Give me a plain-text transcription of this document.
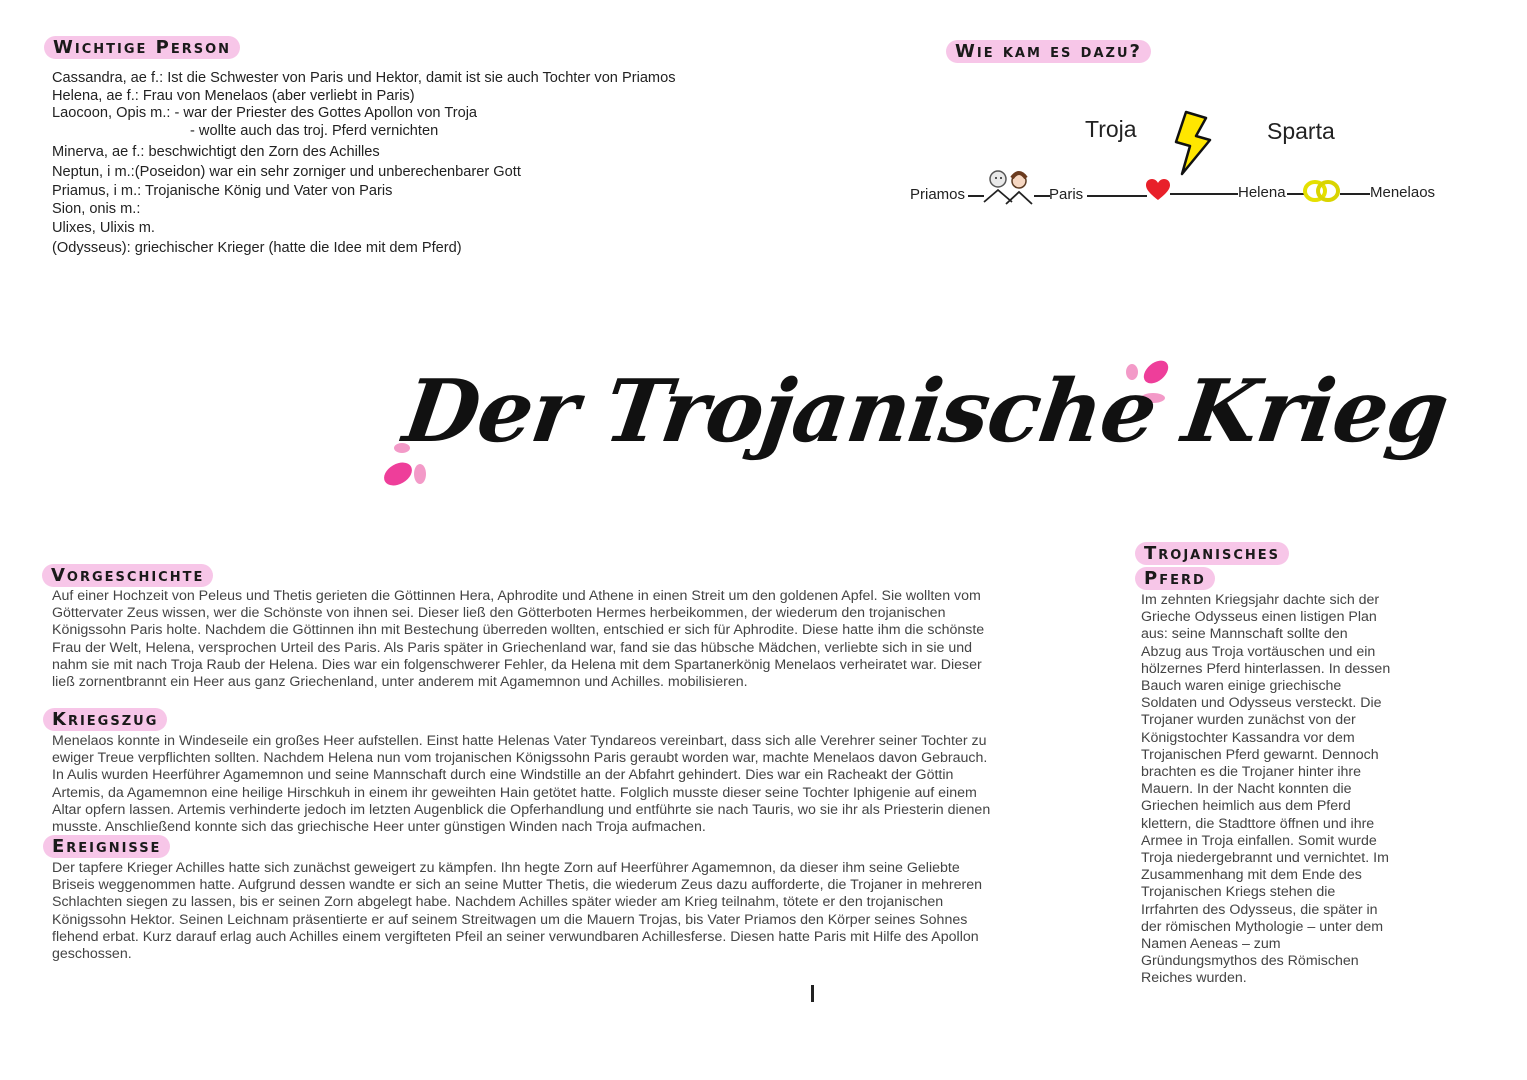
Wichtige Person
Cassandra, ae f.: Ist die Schwester von Paris und Hektor, damit ist sie auch Tochter von Priamos
Helena, ae f.: Frau von Menelaos (aber verliebt in Paris)
Laocoon, Opis m.: - war der Priester des Gottes Apollon von Troja
- wollte auch das troj. Pferd vernichten
Minerva, ae f.: beschwichtigt den Zorn des Achilles
Neptun, i m.:(Poseidon) war ein sehr zorniger und unberechenbarer Gott
Priamus, i m.: Trojanische König und Vater von Paris
Sion, onis m.:
Ulixes, Ulixis m.
(Odysseus): griechischer Krieger (hatte die Idee mit dem Pferd)
Wie kam es dazu?
Troja	Sparta
Priamos	Paris	Helena	Menelaos
Der Trojanische Krieg
Vorgeschichte

Auf einer Hochzeit von Peleus und Thetis gerieten die Göttinnen Hera, Aphrodite und Athene in einen Streit um den goldenen Apfel. Sie wollten vom Göttervater Zeus wissen, wer die Schönste von ihnen sei. Dieser ließ den Götterboten Hermes herbeikommen, der wiederum den trojanischen Königssohn Paris holte. Nachdem die Göttinnen ihn mit Bestechung überreden wollten, entschied er sich für Aphrodite. Diese hatte ihm die schönste Frau der Welt, Helena, versprochen Urteil des Paris. Als Paris später in Griechenland war, fand sie das hübsche Mädchen, verliebte sich in sie und nahm sie mit nach Troja Raub der Helena. Dies war ein folgenschwerer Fehler, da Helena mit dem Spartanerkönig Menelaos verheiratet war. Dieser ließ zornentbrannt ein Heer aus ganz Griechenland, unter anderem mit Agamemnon und Achilles. mobilisieren.

Kriegszug

Menelaos konnte in Windeseile ein großes Heer aufstellen. Einst hatte Helenas Vater Tyndareos vereinbart, dass sich alle Verehrer seiner Tochter zu ewiger Treue verpflichten sollten. Nachdem Helena nun vom trojanischen Königssohn Paris geraubt worden war, machte Menelaos davon Gebrauch. In Aulis wurden Heerführer Agamemnon und seine Mannschaft durch eine Windstille an der Abfahrt gehindert. Dies war ein Racheakt der Göttin Artemis, da Agamemnon eine heilige Hirschkuh in einem ihr geweihten Hain getötet hatte. Folglich musste dieser seine Tochter Iphigenie auf einem Altar opfern lassen. Artemis verhinderte jedoch im letzten Augenblick die Opferhandlung und entführte sie nach Tauris, wo sie ihr als Priesterin dienen musste. Anschließend konnte sich das griechische Heer unter günstigen Winden nach Troja aufmachen.

Ereignisse

Der tapfere Krieger Achilles hatte sich zunächst geweigert zu kämpfen. Ihn hegte Zorn auf Heerführer Agamemnon, da dieser ihm seine Geliebte Briseis weggenommen hatte. Aufgrund dessen wandte er sich an seine Mutter Thetis, die wiederum Zeus dazu aufforderte, die Trojaner in mehreren Schlachten siegen zu lassen, bis er seinen Zorn abgelegt habe. Nachdem Achilles später wieder am Krieg teilnahm, tötete er den trojanischen Königssohn Hektor. Seinen Leichnam präsentierte er auf seinem Streitwagen um die Mauern Trojas, bis Vater Priamos den Körper seines Sohnes flehend erbat. Kurz darauf erlag auch Achilles einem vergifteten Pfeil an seiner verwundbaren Achillesferse. Diesen hatte Paris mit Hilfe des Apollon geschossen.

Trojanisches
Pferd

Im zehnten Kriegsjahr dachte sich der Grieche Odysseus einen listigen Plan aus: seine Mannschaft sollte den Abzug aus Troja vortäuschen und ein hölzernes Pferd hinterlassen. In dessen Bauch waren einige griechische Soldaten und Odysseus versteckt. Die Trojaner wurden zunächst von der Königstochter Kassandra vor dem Trojanischen Pferd gewarnt. Dennoch brachten es die Trojaner hinter ihre Mauern. In der Nacht konnten die Griechen heimlich aus dem Pferd klettern, die Stadttore öffnen und ihre Armee in Troja einfallen. Somit wurde Troja niedergebrannt und vernichtet. Im Zusammenhang mit dem Ende des Trojanischen Kriegs stehen die Irrfahrten des Odysseus, die später in der römischen Mythologie – unter dem Namen Aeneas – zum Gründungsmythos des Römischen Reiches wurden.
